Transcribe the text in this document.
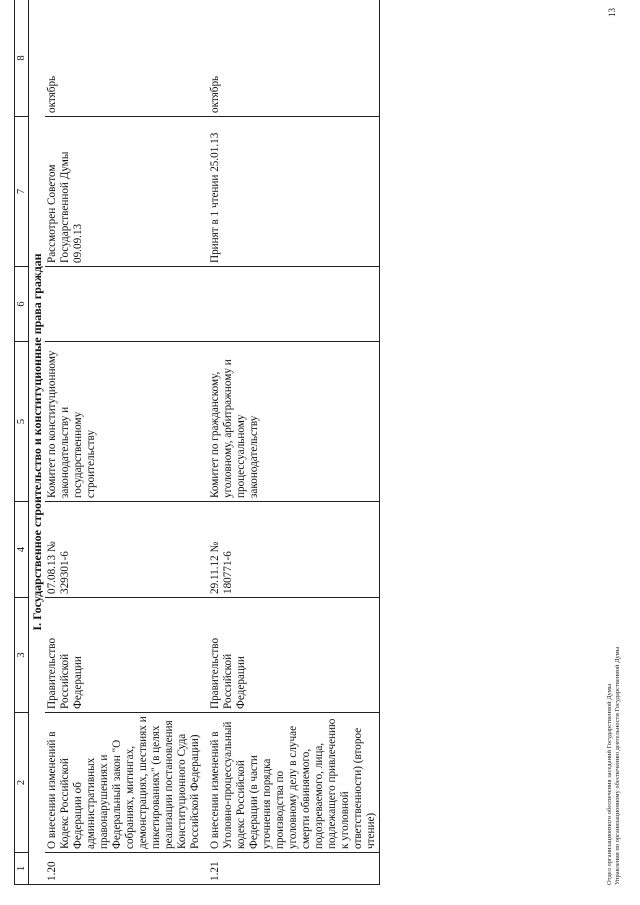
1	2	3	4	5	6	7	8
I. Государственное строительство и конституционные права граждан							
1.20	О внесении изменений в Кодекс Российской Федерации об административных правонарушениях и Федеральный закон "О собраниях, митингах, демонстрациях, шествиях и пикетированиях" (в целях реализации постановления Конституционного Суда Российской Федерации)	Правительство Российской Федерации	07.08.13 № 329301-6	Комитет по конституционному законодательству и государственному строительству		Рассмотрен Советом Государственной Думы 09.09.13	октябрь
1.21	О внесении изменений в Уголовно-процессуальный кодекс Российской Федерации (в части уточнения порядка производства по уголовному делу в случае смерти обвиняемого, подозреваемого, лица, подлежащего привлечению к уголовной ответственности) (второе чтение)	Правительство Российской Федерации	29.11.12 № 180771-6	Комитет по гражданскому, уголовному, арбитражному и процессуальному законодательству		Принят в 1 чтении 25.01.13	октябрь
Отдел организационного обеспечения заседаний Государственной Думы Управления по организационному обеспечению деятельности Государственной Думы
13
